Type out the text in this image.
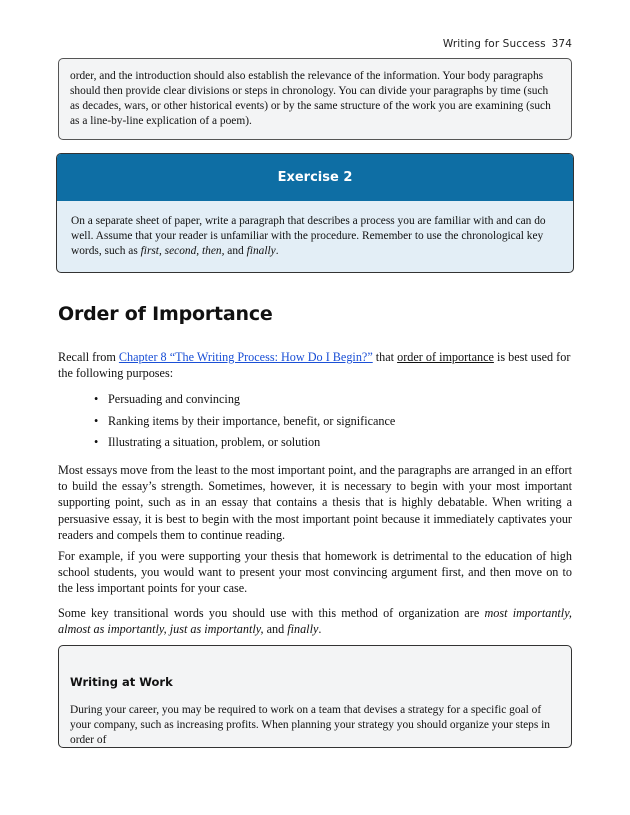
Writing for Success 374

order, and the introduction should also establish the relevance of the information. Your body paragraphs should then provide clear divisions or steps in chronology. You can divide your paragraphs by time (such as decades, wars, or other historical events) or by the same structure of the work you are examining (such as a line-by-line explication of a poem).

Exercise 2
On a separate sheet of paper, write a paragraph that describes a process you are familiar with and can do well. Assume that your reader is unfamiliar with the procedure. Remember to use the chronological key words, such as first, second, then, and finally.
Order of Importance

Recall from Chapter 8 “The Writing Process: How Do I Begin?” that order of importance is best used for the following purposes:

• Persuading and convincing
• Ranking items by their importance, benefit, or significance
• Illustrating a situation, problem, or solution

Most essays move from the least to the most important point, and the paragraphs are arranged in an effort to build the essay’s strength. Sometimes, however, it is necessary to begin with your most important supporting point, such as in an essay that contains a thesis that is highly debatable. When writing a persuasive essay, it is best to begin with the most important point because it immediately captivates your readers and compels them to continue reading.

For example, if you were supporting your thesis that homework is detrimental to the education of high school students, you would want to present your most convincing argument first, and then move on to the less important points for your case.

Some key transitional words you should use with this method of organization are most importantly, almost as importantly, just as importantly, and finally.

Writing at Work
During your career, you may be required to work on a team that devises a strategy for a specific goal of your company, such as increasing profits. When planning your strategy you should organize your steps in order of
